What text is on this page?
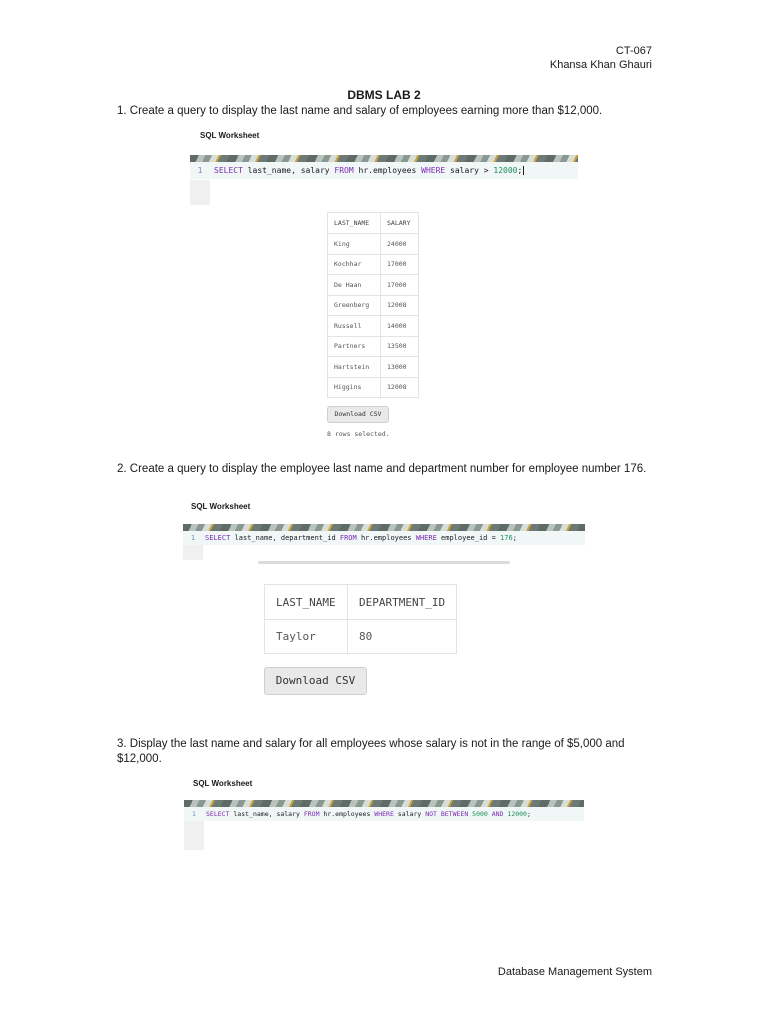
CT-067
Khansa Khan Ghauri
DBMS LAB 2
1. Create a query to display the last name and salary of employees earning more than $12,000.
SQL Worksheet
1	SELECT last_name, salary FROM hr.employees WHERE salary > 12000;
LAST_NAME	SALARY
King	24000
Kochhar	17000
De Haan	17000
Greenberg	12008
Russell	14000
Partners	13500
Hartstein	13000
Higgins	12008
Download CSV
8 rows selected.
2. Create a query to display the employee last name and department number for employee number 176.
SQL Worksheet
1	SELECT last_name, department_id FROM hr.employees WHERE employee_id = 176;
LAST_NAME	DEPARTMENT_ID
Taylor	80
Download CSV
3. Display the last name and salary for all employees whose salary is not in the range of $5,000 and $12,000.
SQL Worksheet
1	SELECT last_name, salary FROM hr.employees WHERE salary NOT BETWEEN 5000 AND 12000;
Database Management System
